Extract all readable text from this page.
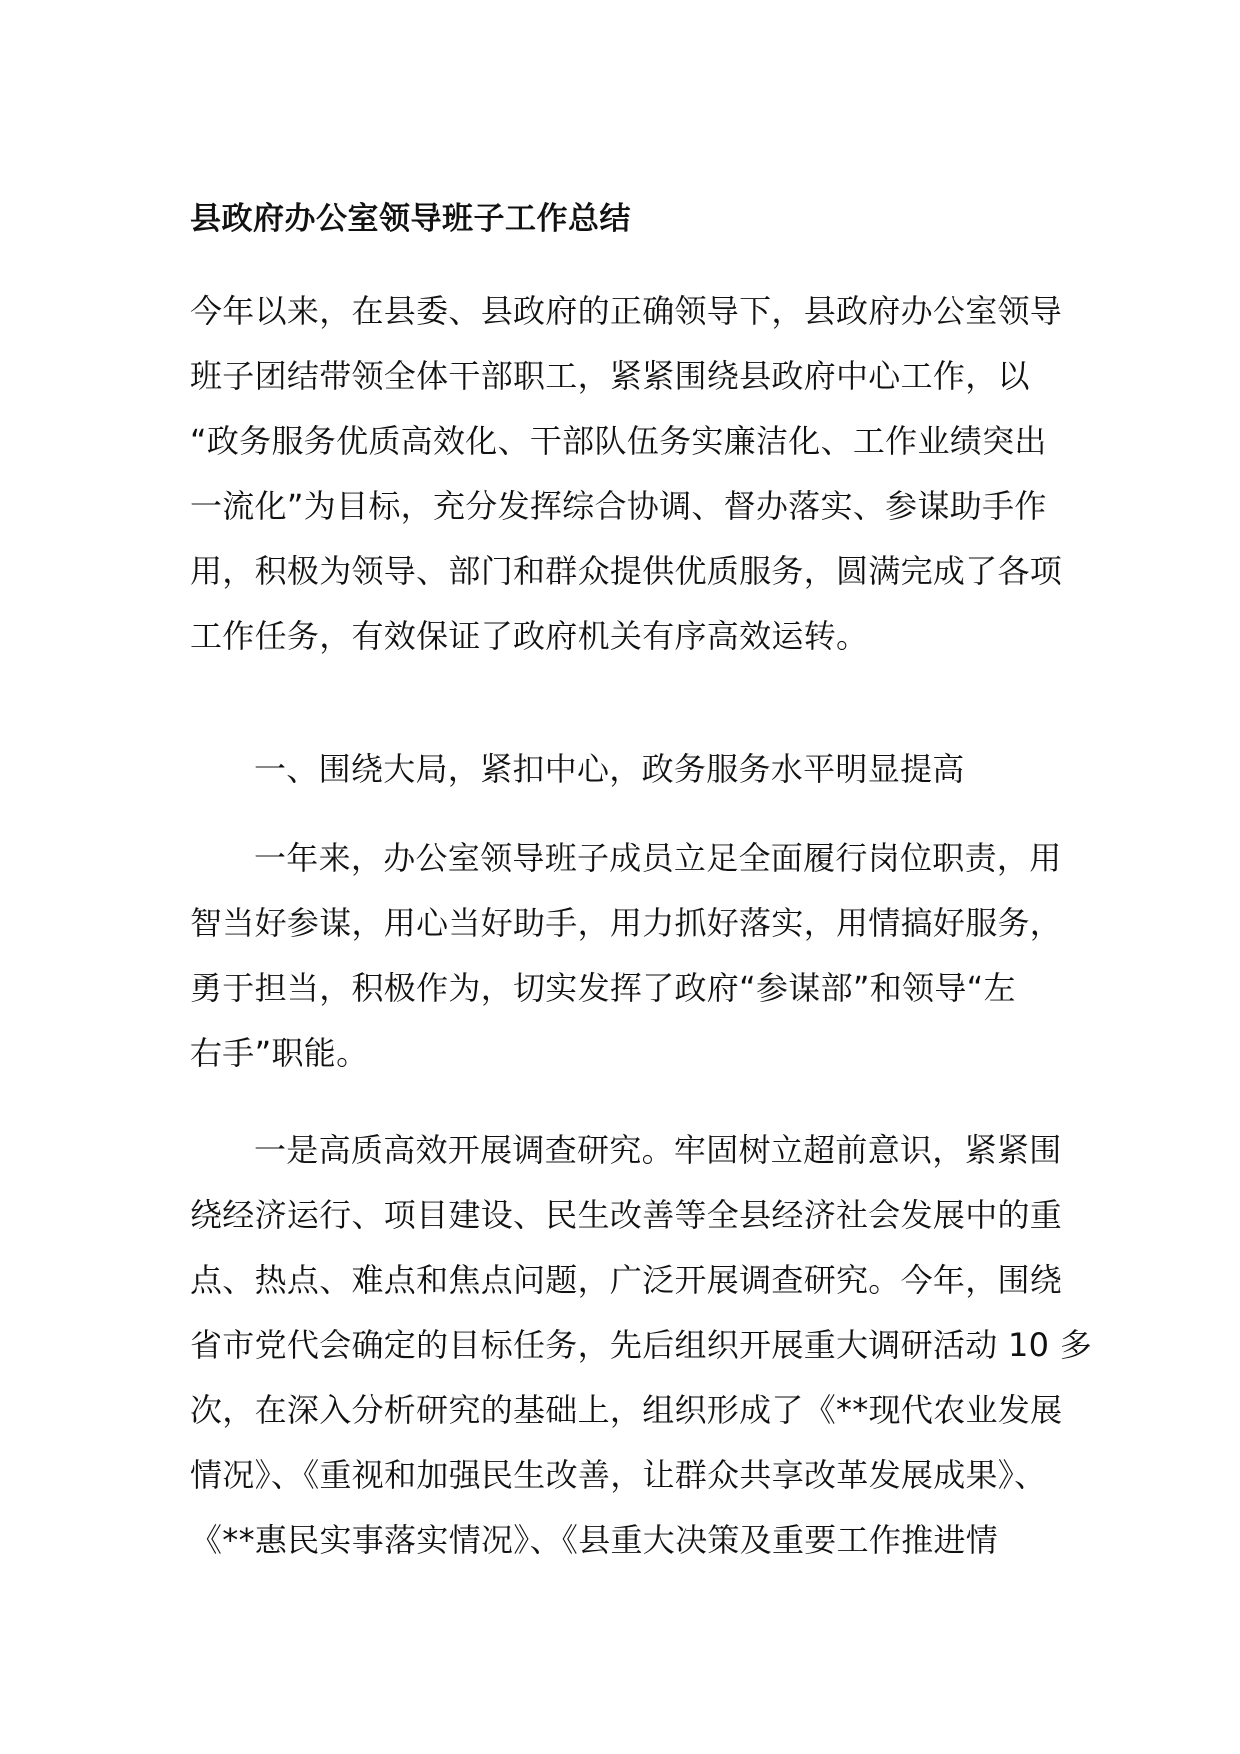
县政府办公室领导班子工作总结
今年以来，在县委、县政府的正确领导下，县政府办公室领导
班子团结带领全体干部职工，紧紧围绕县政府中心工作，以
“政务服务优质高效化、干部队伍务实廉洁化、工作业绩突出
一流化”为目标，充分发挥综合协调、督办落实、参谋助手作
用，积极为领导、部门和群众提供优质服务，圆满完成了各项
工作任务，有效保证了政府机关有序高效运转。
一、围绕大局，紧扣中心，政务服务水平明显提高
一年来，办公室领导班子成员立足全面履行岗位职责，用
智当好参谋，用心当好助手，用力抓好落实，用情搞好服务，
勇于担当，积极作为，切实发挥了政府“参谋部”和领导“左
右手”职能。
一是高质高效开展调查研究。牢固树立超前意识，紧紧围
绕经济运行、项目建设、民生改善等全县经济社会发展中的重
点、热点、难点和焦点问题，广泛开展调查研究。今年，围绕
省市党代会确定的目标任务，先后组织开展重大调研活动 10 多
次，在深入分析研究的基础上，组织形成了《**现代农业发展
情况》、《重视和加强民生改善，让群众共享改革发展成果》、
《**惠民实事落实情况》、《县重大决策及重要工作推进情
